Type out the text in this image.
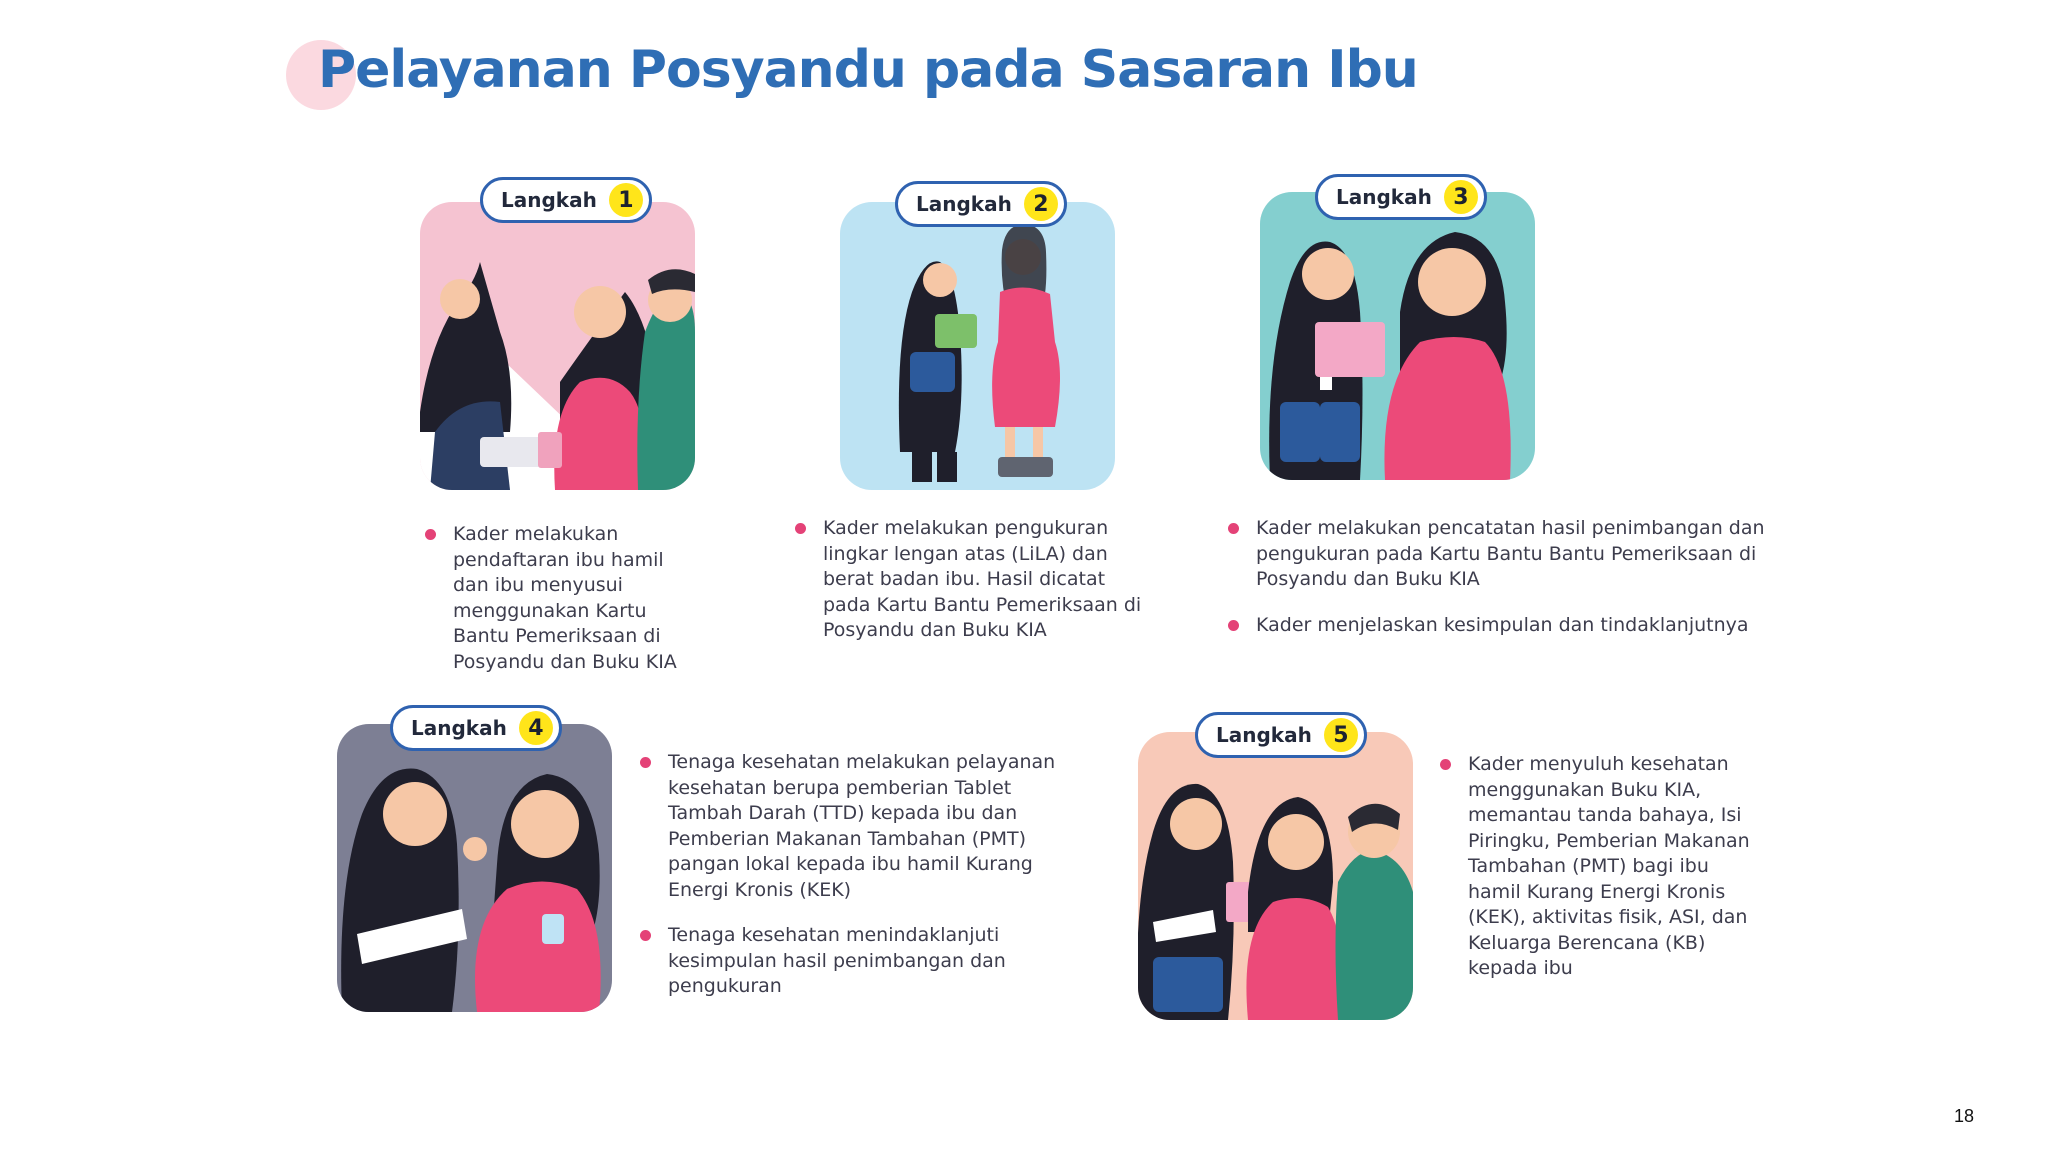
Pelayanan Posyandu pada Sasaran Ibu
Langkah 1
Kader melakukan pendaftaran ibu hamil dan ibu menyusui menggunakan Kartu Bantu Pemeriksaan di Posyandu dan Buku KIA
Langkah 2
Kader melakukan pengukuran lingkar lengan atas (LiLA) dan berat badan ibu. Hasil dicatat pada Kartu Bantu Pemeriksaan di Posyandu dan Buku KIA
Langkah 3
Kader melakukan pencatatan hasil penimbangan dan pengukuran pada Kartu Bantu Bantu Pemeriksaan di Posyandu dan Buku KIA
Kader menjelaskan kesimpulan dan tindaklanjutnya
Langkah 4
Tenaga kesehatan melakukan pelayanan kesehatan berupa pemberian Tablet Tambah Darah (TTD) kepada ibu dan Pemberian Makanan Tambahan (PMT) pangan lokal kepada ibu hamil Kurang Energi Kronis (KEK)
Tenaga kesehatan menindaklanjuti kesimpulan hasil penimbangan dan pengukuran
Langkah 5
Kader menyuluh kesehatan menggunakan Buku KIA, memantau tanda bahaya, Isi Piringku, Pemberian Makanan Tambahan (PMT) bagi ibu hamil Kurang Energi Kronis (KEK), aktivitas fisik, ASI, dan Keluarga Berencana (KB) kepada ibu
18
